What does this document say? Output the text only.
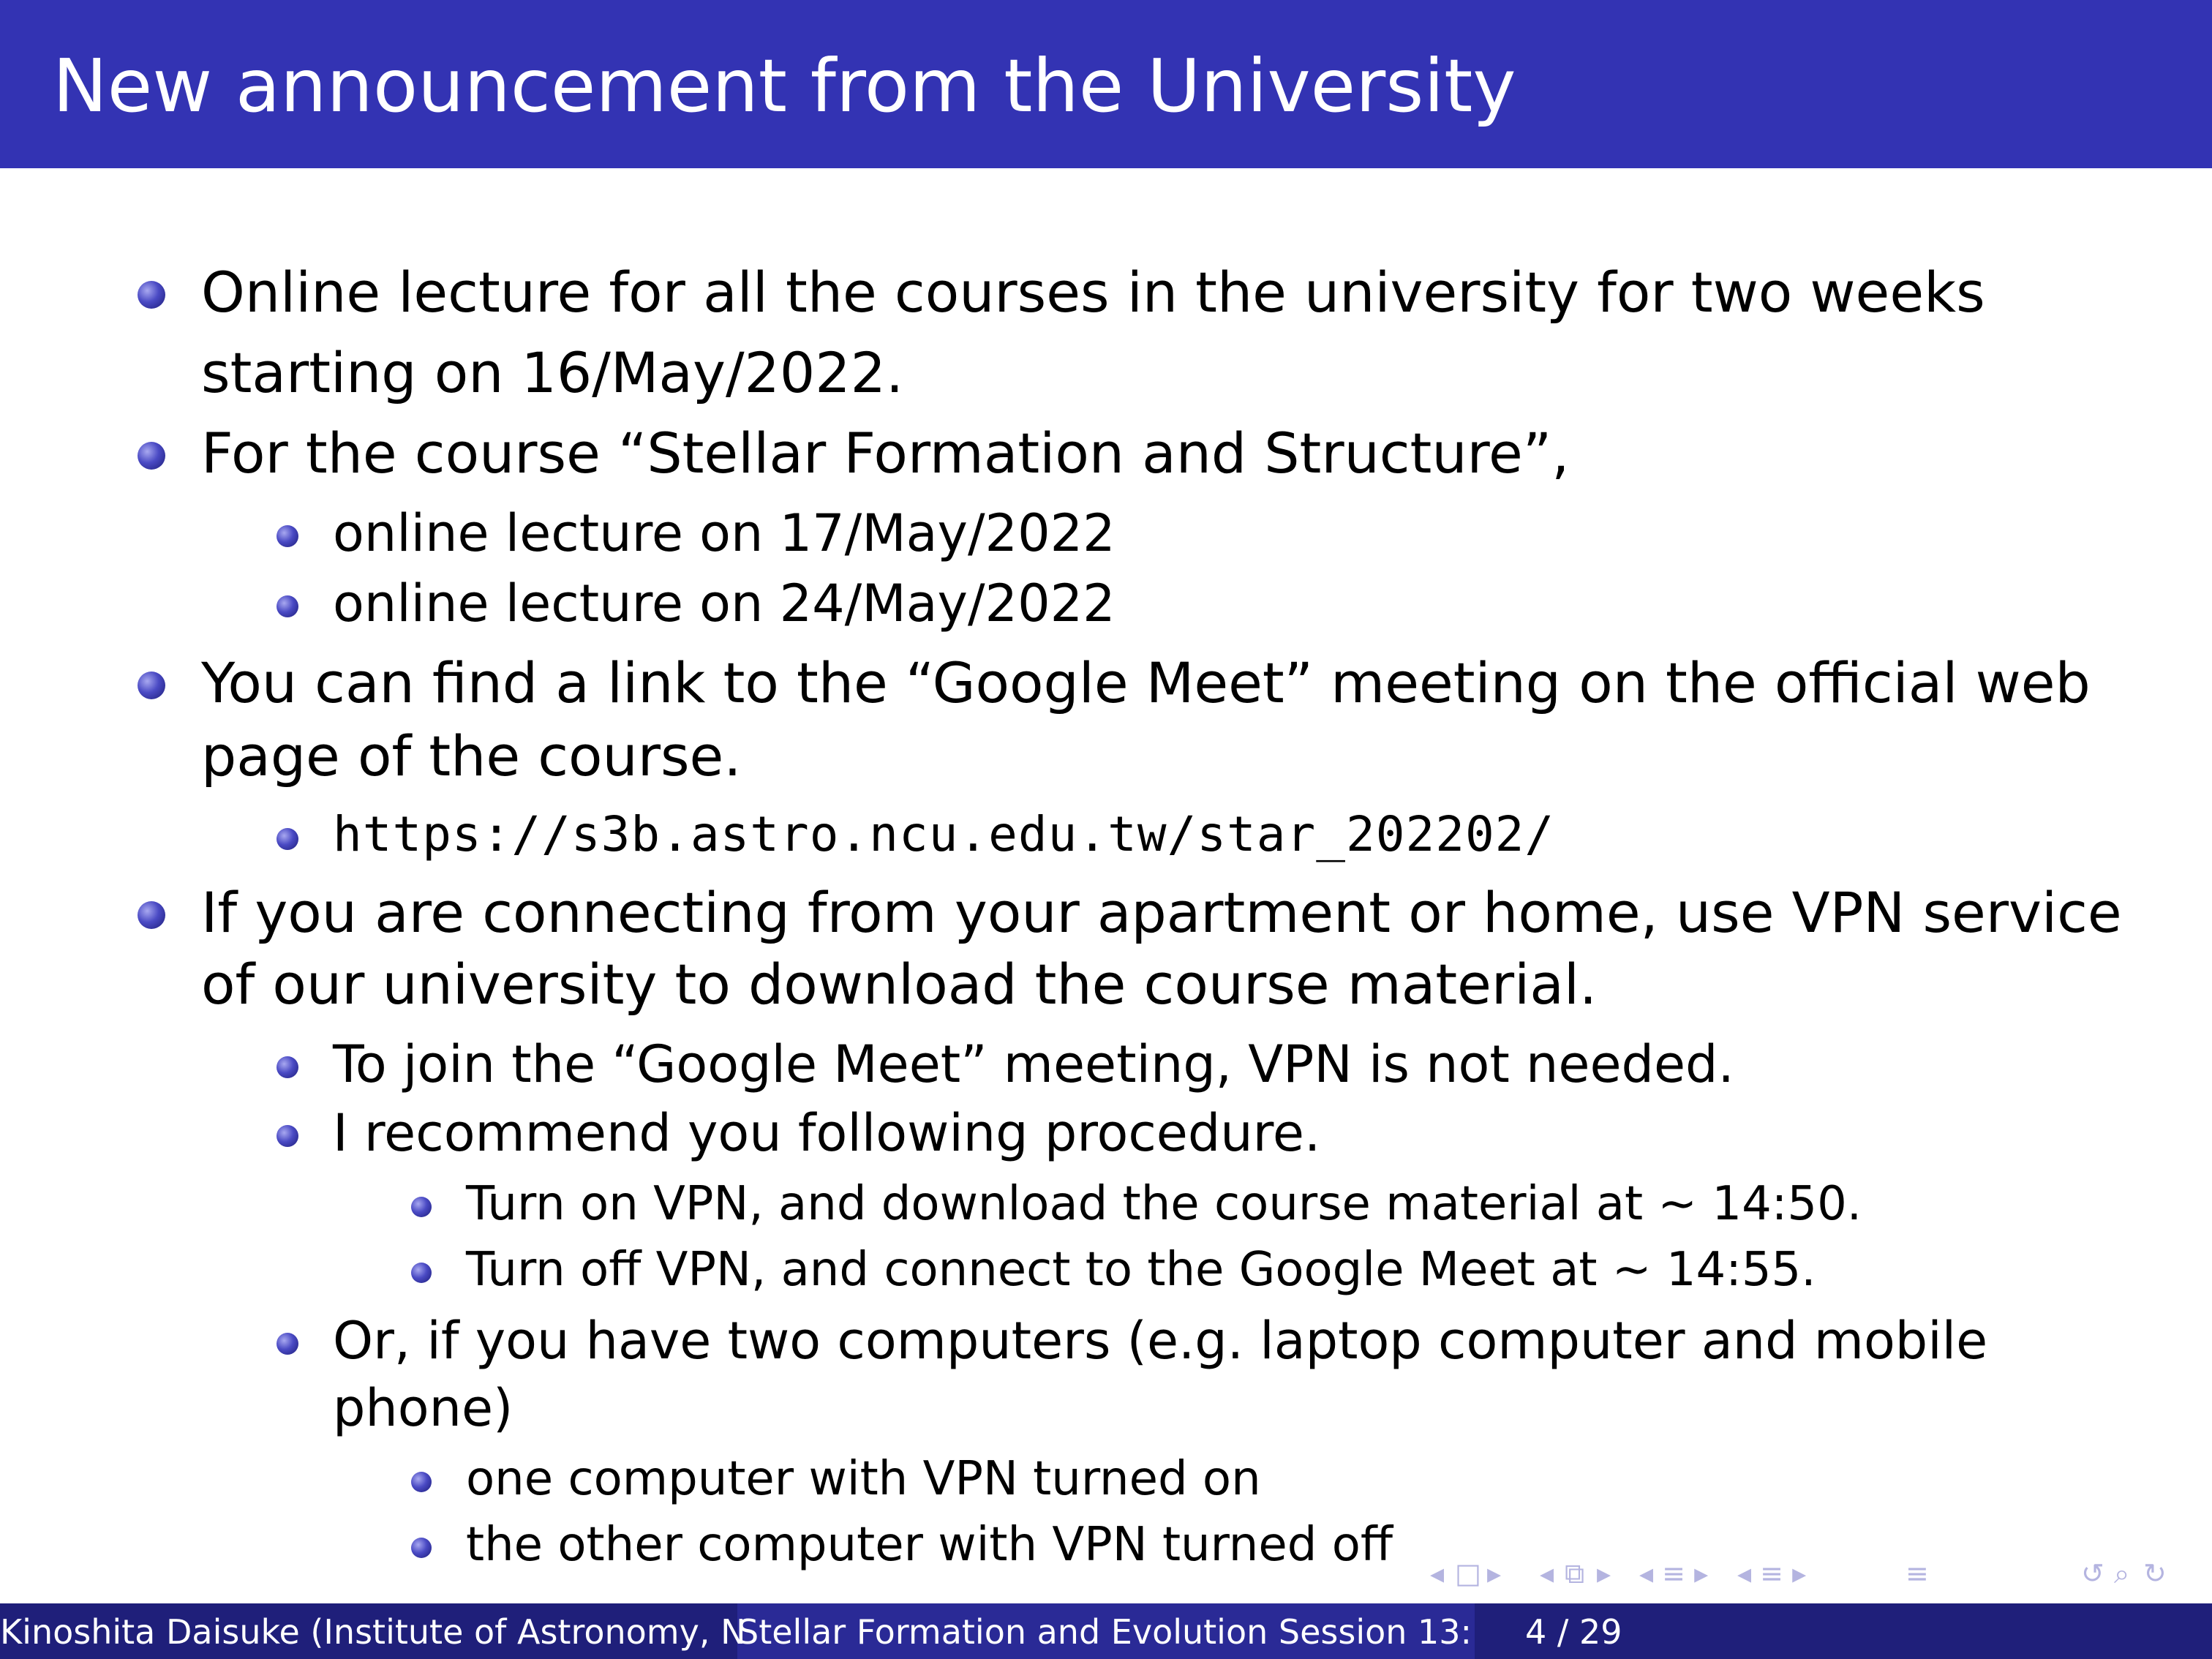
New announcement from the University
Online lecture for all the courses in the university for two weeks
starting on 16/May/2022.
For the course “Stellar Formation and Structure”,
online lecture on 17/May/2022
online lecture on 24/May/2022
You can find a link to the “Google Meet” meeting on the official web
page of the course.
https://s3b.astro.ncu.edu.tw/star_202202/
If you are connecting from your apartment or home, use VPN service
of our university to download the course material.
To join the “Google Meet” meeting, VPN is not needed.
I recommend you following procedure.
Turn on VPN, and download the course material at ∼ 14:50.
Turn off VPN, and connect to the Google Meet at ∼ 14:55.
Or, if you have two computers (e.g. laptop computer and mobile
phone)
one computer with VPN turned on
the other computer with VPN turned off
◂ □ ▸ ◂ ⧉ ▸ ◂ ≡ ▸ ◂ ≡ ▸	≡	↺ ⌕ ↻
Kinoshita Daisuke (Institute of Astronomy, N
Stellar Formation and Evolution Session 13: 4 / 29
